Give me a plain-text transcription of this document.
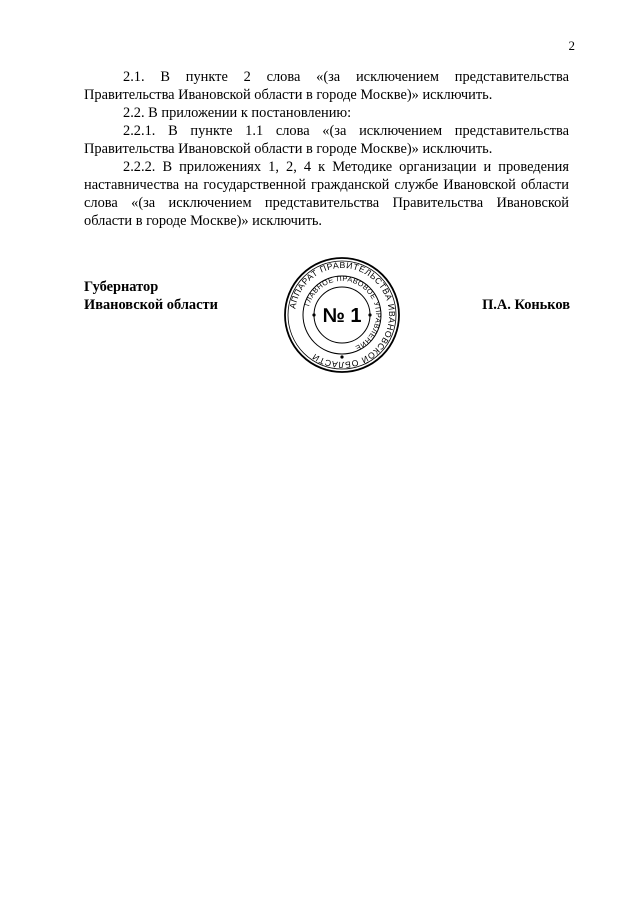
2

2.1. В пункте 2 слова «(за исключением представительства Правительства Ивановской области в городе Москве)» исключить.

2.2. В приложении к постановлению:

2.2.1. В пункте 1.1 слова «(за исключением представительства Правительства Ивановской области в городе Москве)» исключить.

2.2.2. В приложениях 1, 2, 4 к Методике организации и проведения наставничества на государственной гражданской службе Ивановской области слова «(за исключением представительства Правительства Ивановской области в городе Москве)» исключить.

Губернатор
Ивановской области	АППАРАТ ПРАВИТЕЛЬСТВА ИВАНОВСКОЙ ОБЛАСТИ
ГЛАВНОЕ ПРАВОВОЕ УПРАВЛЕНИЕ
№ 1	П.А. Коньков
